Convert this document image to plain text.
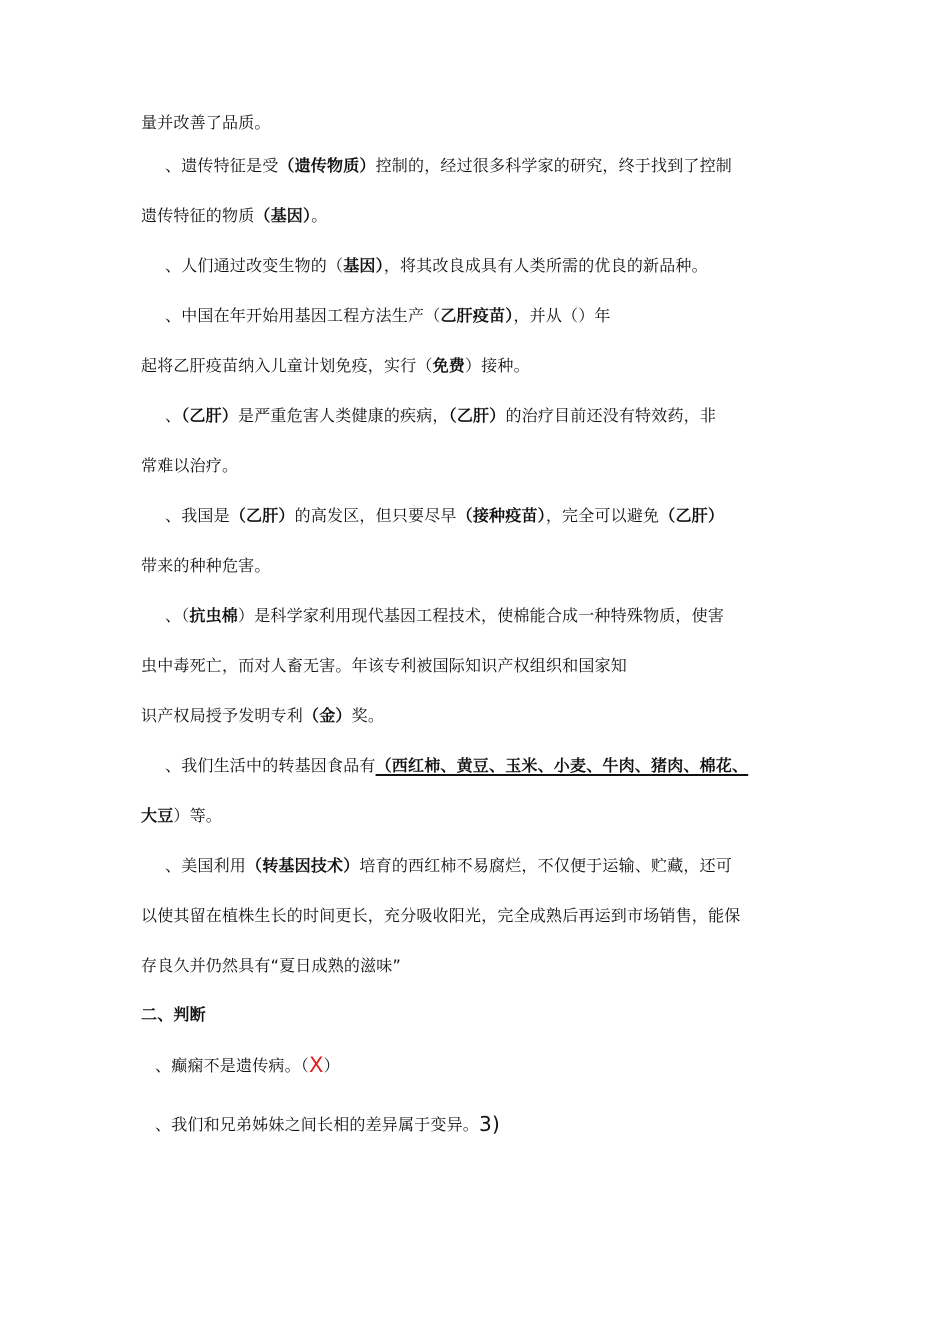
量并改善了品质。
、遗传特征是受（遗传物质）控制的，经过很多科学家的研究，终于找到了控制
遗传特征的物质（基因）。
、人们通过改变生物的（基因），将其改良成具有人类所需的优良的新品种。
、中国在年开始用基因工程方法生产（乙肝疫苗），并从（）年
起将乙肝疫苗纳入儿童计划免疫，实行（免费）接种。
、（乙肝）是严重危害人类健康的疾病，（乙肝）的治疗目前还没有特效药，非
常难以治疗。
、我国是（乙肝）的高发区，但只要尽早（接种疫苗），完全可以避免（乙肝）
带来的种种危害。
、（抗虫棉）是科学家利用现代基因工程技术，使棉能合成一种特殊物质，使害
虫中毒死亡，而对人畜无害。年该专利被国际知识产权组织和国家知
识产权局授予发明专利（金）奖。
、我们生活中的转基因食品有（西红柿、黄豆、玉米、小麦、牛肉、猪肉、棉花、
大豆）等。
、美国利用（转基因技术）培育的西红柿不易腐烂，不仅便于运输、贮藏，还可
以使其留在植株生长的时间更长，充分吸收阳光，完全成熟后再运到市场销售，能保
存良久并仍然具有“夏日成熟的滋味”
二、判断
、癫痫不是遗传病。（X）
、我们和兄弟姊妹之间长相的差异属于变异。3)
